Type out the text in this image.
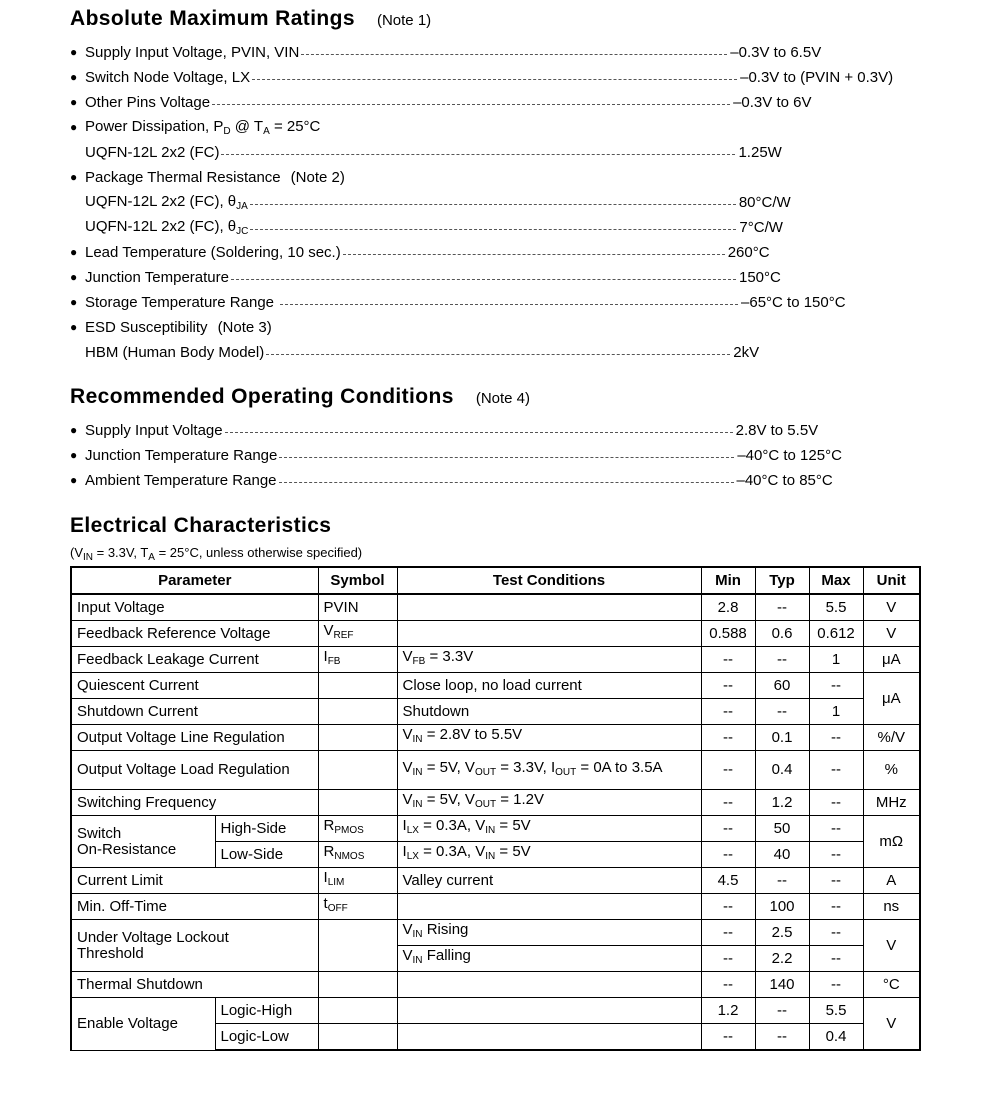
Absolute Maximum Ratings (Note 1)
● Supply Input Voltage, PVIN, VIN	–0.3V to 6.5V
● Switch Node Voltage, LX	–0.3V to (PVIN + 0.3V)
● Other Pins Voltage	–0.3V to 6V
● Power Dissipation, $P_D$ @ $T_A = 25^\circ C$
UQFN-12L 2x2 (FC)	1.25W
● Package Thermal Resistance (Note 2)
UQFN-12L 2x2 (FC), $\theta_{JA}$	80°C/W
UQFN-12L 2x2 (FC), $\theta_{JC}$	7°C/W
● Lead Temperature (Soldering, 10 sec.)	260°C
● Junction Temperature	150°C
● Storage Temperature Range	–65°C to 150°C
● ESD Susceptibility (Note 3)
HBM (Human Body Model)	2kV
Recommended Operating Conditions (Note 4)
● Supply Input Voltage	2.8V to 5.5V
● Junction Temperature Range	–40°C to 125°C
● Ambient Temperature Range	–40°C to 85°C
Electrical Characteristics
($V_{IN} = 3.3V$, $T_A = 25^\circ C$, unless otherwise specified)
Parameter		Symbol	Test Conditions	Min	Typ	Max	Unit
Input Voltage		PVIN		2.8	--	5.5	V
Feedback Reference Voltage		$V_{REF}$		0.588	0.6	0.612	V
Feedback Leakage Current		$I_{FB}$	$V_{FB} = 3.3V$	--	--	1	μA
Quiescent Current			Close loop, no load current	--	60	--	μA
Shutdown Current			Shutdown	--	--	1	
Output Voltage Line Regulation			$V_{IN} = 2.8V$ to 5.5V	--	0.1	--	%/V
Output Voltage Load Regulation			$V_{IN} = 5V$, $V_{OUT} = 3.3V$, $I_{OUT} = 0A$ to 3.5A	--	0.4	--	%
Switching Frequency			$V_{IN} = 5V$, $V_{OUT} = 1.2V$	--	1.2	--	MHz
Switch
On-Resistance	High-Side	$R_{PMOS}$	$I_{LX} = 0.3A$, $V_{IN} = 5V$	--	50	--	mΩ
	Low-Side	$R_{NMOS}$	$I_{LX} = 0.3A$, $V_{IN} = 5V$	--	40	--	
Current Limit		$I_{LIM}$	Valley current	4.5	--	--	A
Min. Off-Time		$t_{OFF}$		--	100	--	ns
Under Voltage Lockout
Threshold			$V_{IN}$ Rising	--	2.5	--	V
			$V_{IN}$ Falling	--	2.2	--	
Thermal Shutdown				--	140	--	°C
Enable Voltage	Logic-High			1.2	--	5.5	V
	Logic-Low			--	--	0.4	
